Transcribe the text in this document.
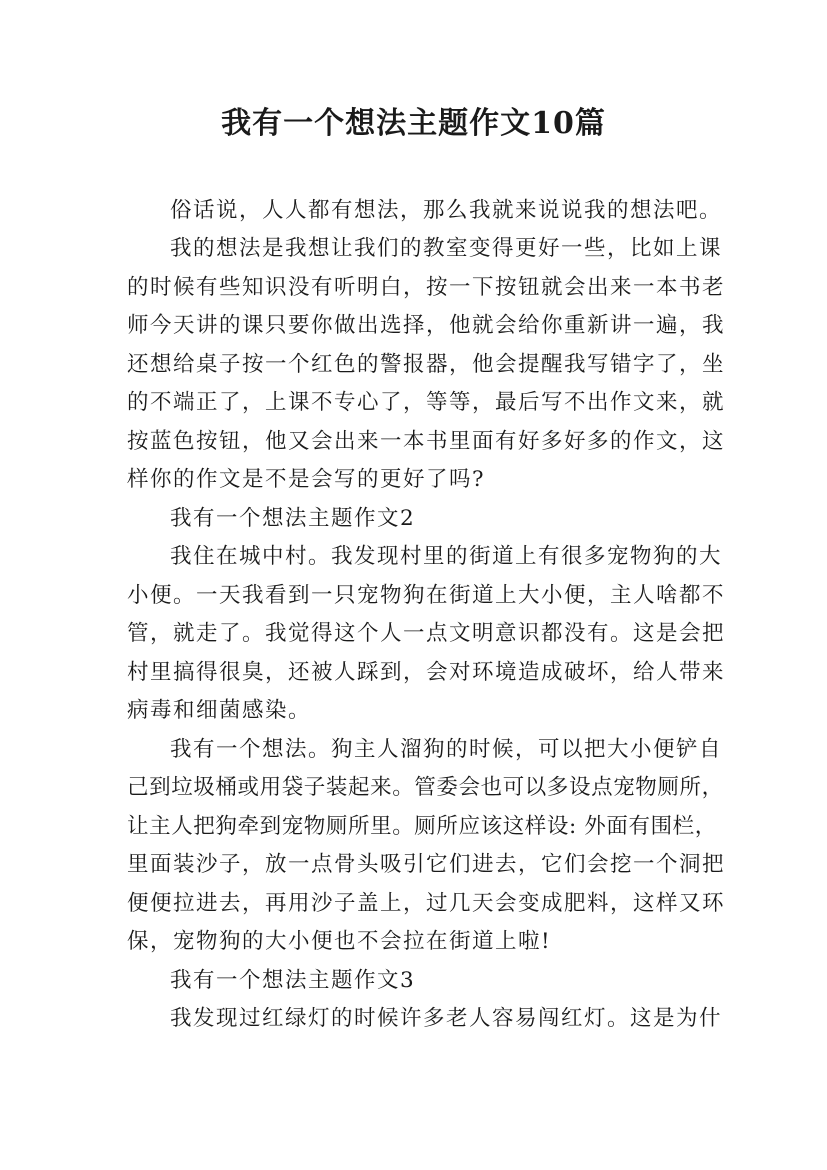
我有一个想法主题作文10篇
俗话说，人人都有想法，那么我就来说说我的想法吧。
我的想法是我想让我们的教室变得更好一些，比如上课
的时候有些知识没有听明白，按一下按钮就会出来一本书老
师今天讲的课只要你做出选择，他就会给你重新讲一遍，我
还想给桌子按一个红色的警报器，他会提醒我写错字了，坐
的不端正了，上课不专心了，等等，最后写不出作文来，就
按蓝色按钮，他又会出来一本书里面有好多好多的作文，这
样你的作文是不是会写的更好了吗?
我有一个想法主题作文2
我住在城中村。我发现村里的街道上有很多宠物狗的大
小便。一天我看到一只宠物狗在街道上大小便，主人啥都不
管，就走了。我觉得这个人一点文明意识都没有。这是会把
村里搞得很臭，还被人踩到，会对环境造成破坏，给人带来
病毒和细菌感染。
我有一个想法。狗主人溜狗的时候，可以把大小便铲自
己到垃圾桶或用袋子装起来。管委会也可以多设点宠物厕所，
让主人把狗牵到宠物厕所里。厕所应该这样设: 外面有围栏，
里面装沙子，放一点骨头吸引它们进去，它们会挖一个洞把
便便拉进去，再用沙子盖上，过几天会变成肥料，这样又环
保，宠物狗的大小便也不会拉在街道上啦!
我有一个想法主题作文3
我发现过红绿灯的时候许多老人容易闯红灯。这是为什
